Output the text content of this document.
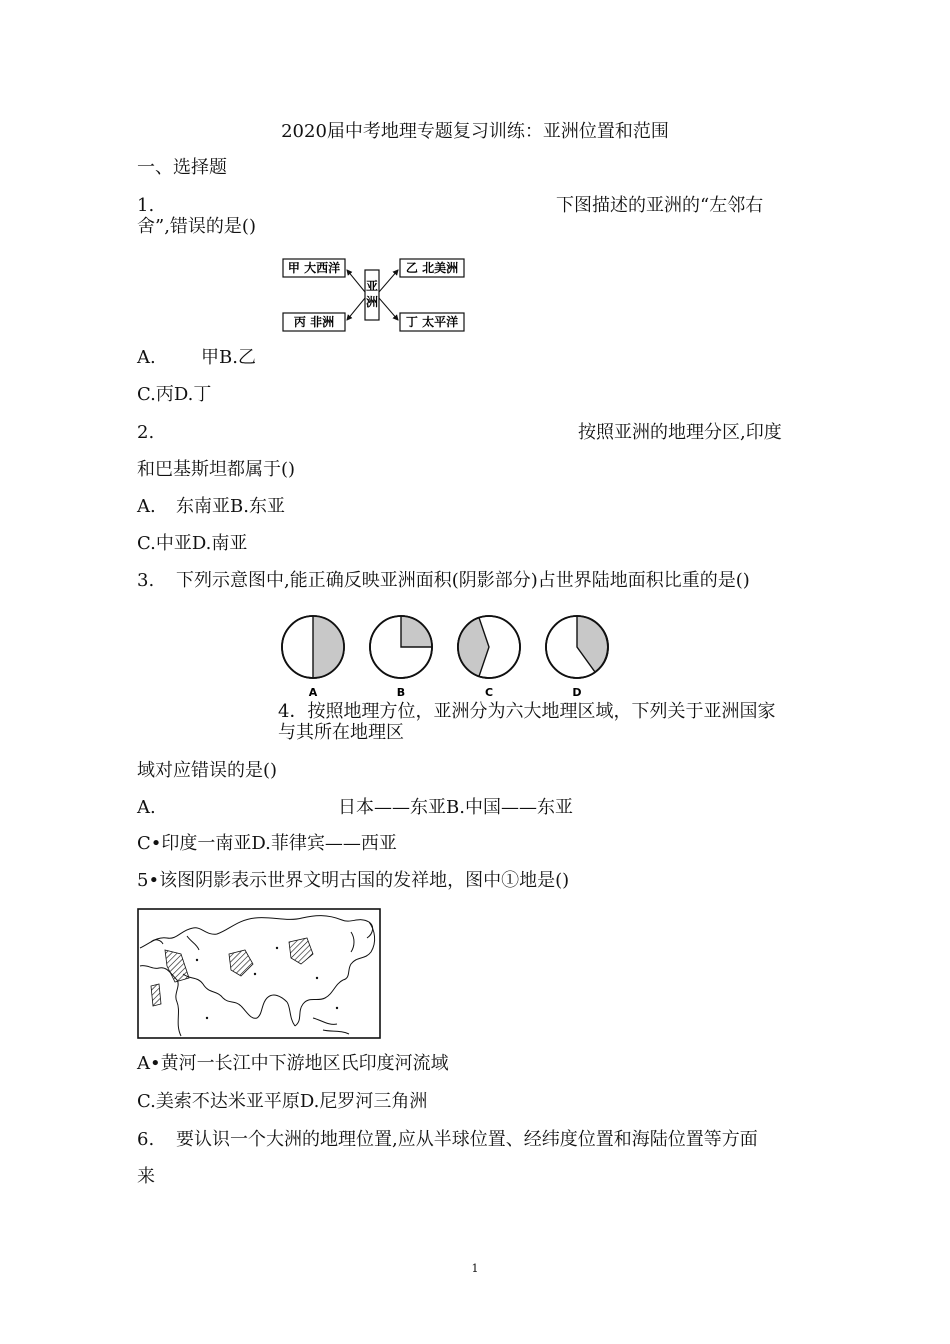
2020届中考地理专题复习训练：亚洲位置和范围
一、选择题
1.	下图描述的亚洲的“左邻右
舍”,错误的是()
甲 大西洋
丙 非洲
乙 北美洲
丁 太平洋
亚
洲
A.	甲B.乙
C.丙D.丁
2.	按照亚洲的地理分区,印度
和巴基斯坦都属于()
A. 东南亚B.东亚
C.中亚D.南亚
3. 下列示意图中,能正确反映亚洲面积(阴影部分)占世界陆地面积比重的是()
A	B	C	D
4．按照地理方位，亚洲分为六大地理区域，下列关于亚洲国家
与其所在地理区
域对应错误的是()
A.	日本——东亚B.中国——东亚
C•印度一南亚D.菲律宾——西亚
5•该图阴影表示世界文明古国的发祥地，图中①地是()
A•黄河一长江中下游地区氏印度河流域
C.美索不达米亚平原D.尼罗河三角洲
6. 要认识一个大洲的地理位置,应从半球位置、经纬度位置和海陆位置等方面
来
1
